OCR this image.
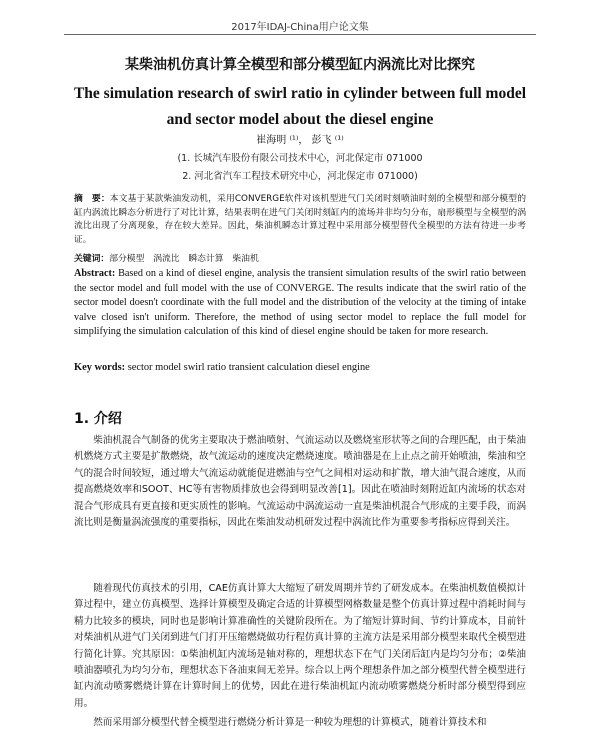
2017年IDAJ-China用户论文集
某柴油机仿真计算全模型和部分模型缸内涡流比对比探究
The simulation research of swirl ratio in cylinder between full model
and sector model about the diesel engine
崔海明 ⁽¹⁾， 彭飞 ⁽¹⁾
(1. 长城汽车股份有限公司技术中心，河北保定市 071000
2. 河北省汽车工程技术研究中心，河北保定市 071000)
摘　要：本文基于某款柴油发动机，采用CONVERGE软件对该机型进气门关闭时刻喷油时刻的全模型和部分模型的缸内涡流比瞬态分析进行了对比计算，结果表明在进气门关闭时刻缸内的流场并非均匀分布，扇形模型与全模型的涡流比出现了分离现象，存在较大差异。因此，柴油机瞬态计算过程中采用部分模型替代全模型的方法有待进一步考证。
关键词：部分模型　涡流比　瞬态计算　柴油机
Abstract: Based on a kind of diesel engine, analysis the transient simulation results of the swirl ratio between the sector model and full model with the use of CONVERGE. The results indicate that the swirl ratio of the sector model doesn't coordinate with the full model and the distribution of the velocity at the timing of intake valve closed isn't uniform. Therefore, the method of using sector model to replace the full model for simplifying the simulation calculation of this kind of diesel engine should be taken for more research.
Key words: sector model swirl ratio transient calculation diesel engine
1. 介绍
柴油机混合气制备的优劣主要取决于燃油喷射、气流运动以及燃烧室形状等之间的合理匹配，由于柴油机燃烧方式主要是扩散燃烧，故气流运动的速度决定燃烧速度。喷油器是在上止点之前开始喷油，柴油和空气的混合时间较短，通过增大气流运动就能促进燃油与空气之间相对运动和扩散，增大油气混合速度，从而提高燃烧效率和SOOT、HC等有害物质排放也会得到明显改善[1]。因此在喷油时刻附近缸内流场的状态对混合气形成具有更直接和更实质性的影响。气流运动中涡流运动一直是柴油机混合气形成的主要手段，而涡流比则是衡量涡流强度的重要指标，因此在柴油发动机研发过程中涡流比作为重要参考指标应得到关注。
随着现代仿真技术的引用，CAE仿真计算大大缩短了研发周期并节约了研发成本。在柴油机数值模拟计算过程中，建立仿真模型、选择计算模型及确定合适的计算模型网格数量是整个仿真计算过程中消耗时间与精力比较多的模块，同时也是影响计算准确性的关键阶段所在。为了缩短计算时间、节约计算成本，目前针对柴油机从进气门关闭到进气门打开压缩燃烧做功行程仿真计算的主流方法是采用部分模型来取代全模型进行简化计算。究其原因：①柴油机缸内流场是轴对称的，理想状态下在气门关闭后缸内是均匀分布；②柴油喷油器喷孔为均匀分布，理想状态下各油束间无差异。综合以上两个理想条件加之部分模型代替全模型进行缸内流动喷雾燃烧计算在计算时间上的优势，因此在进行柴油机缸内流动喷雾燃烧分析时部分模型得到应用。
然而采用部分模型代替全模型进行燃烧分析计算是一种较为理想的计算模式，随着计算技术和
